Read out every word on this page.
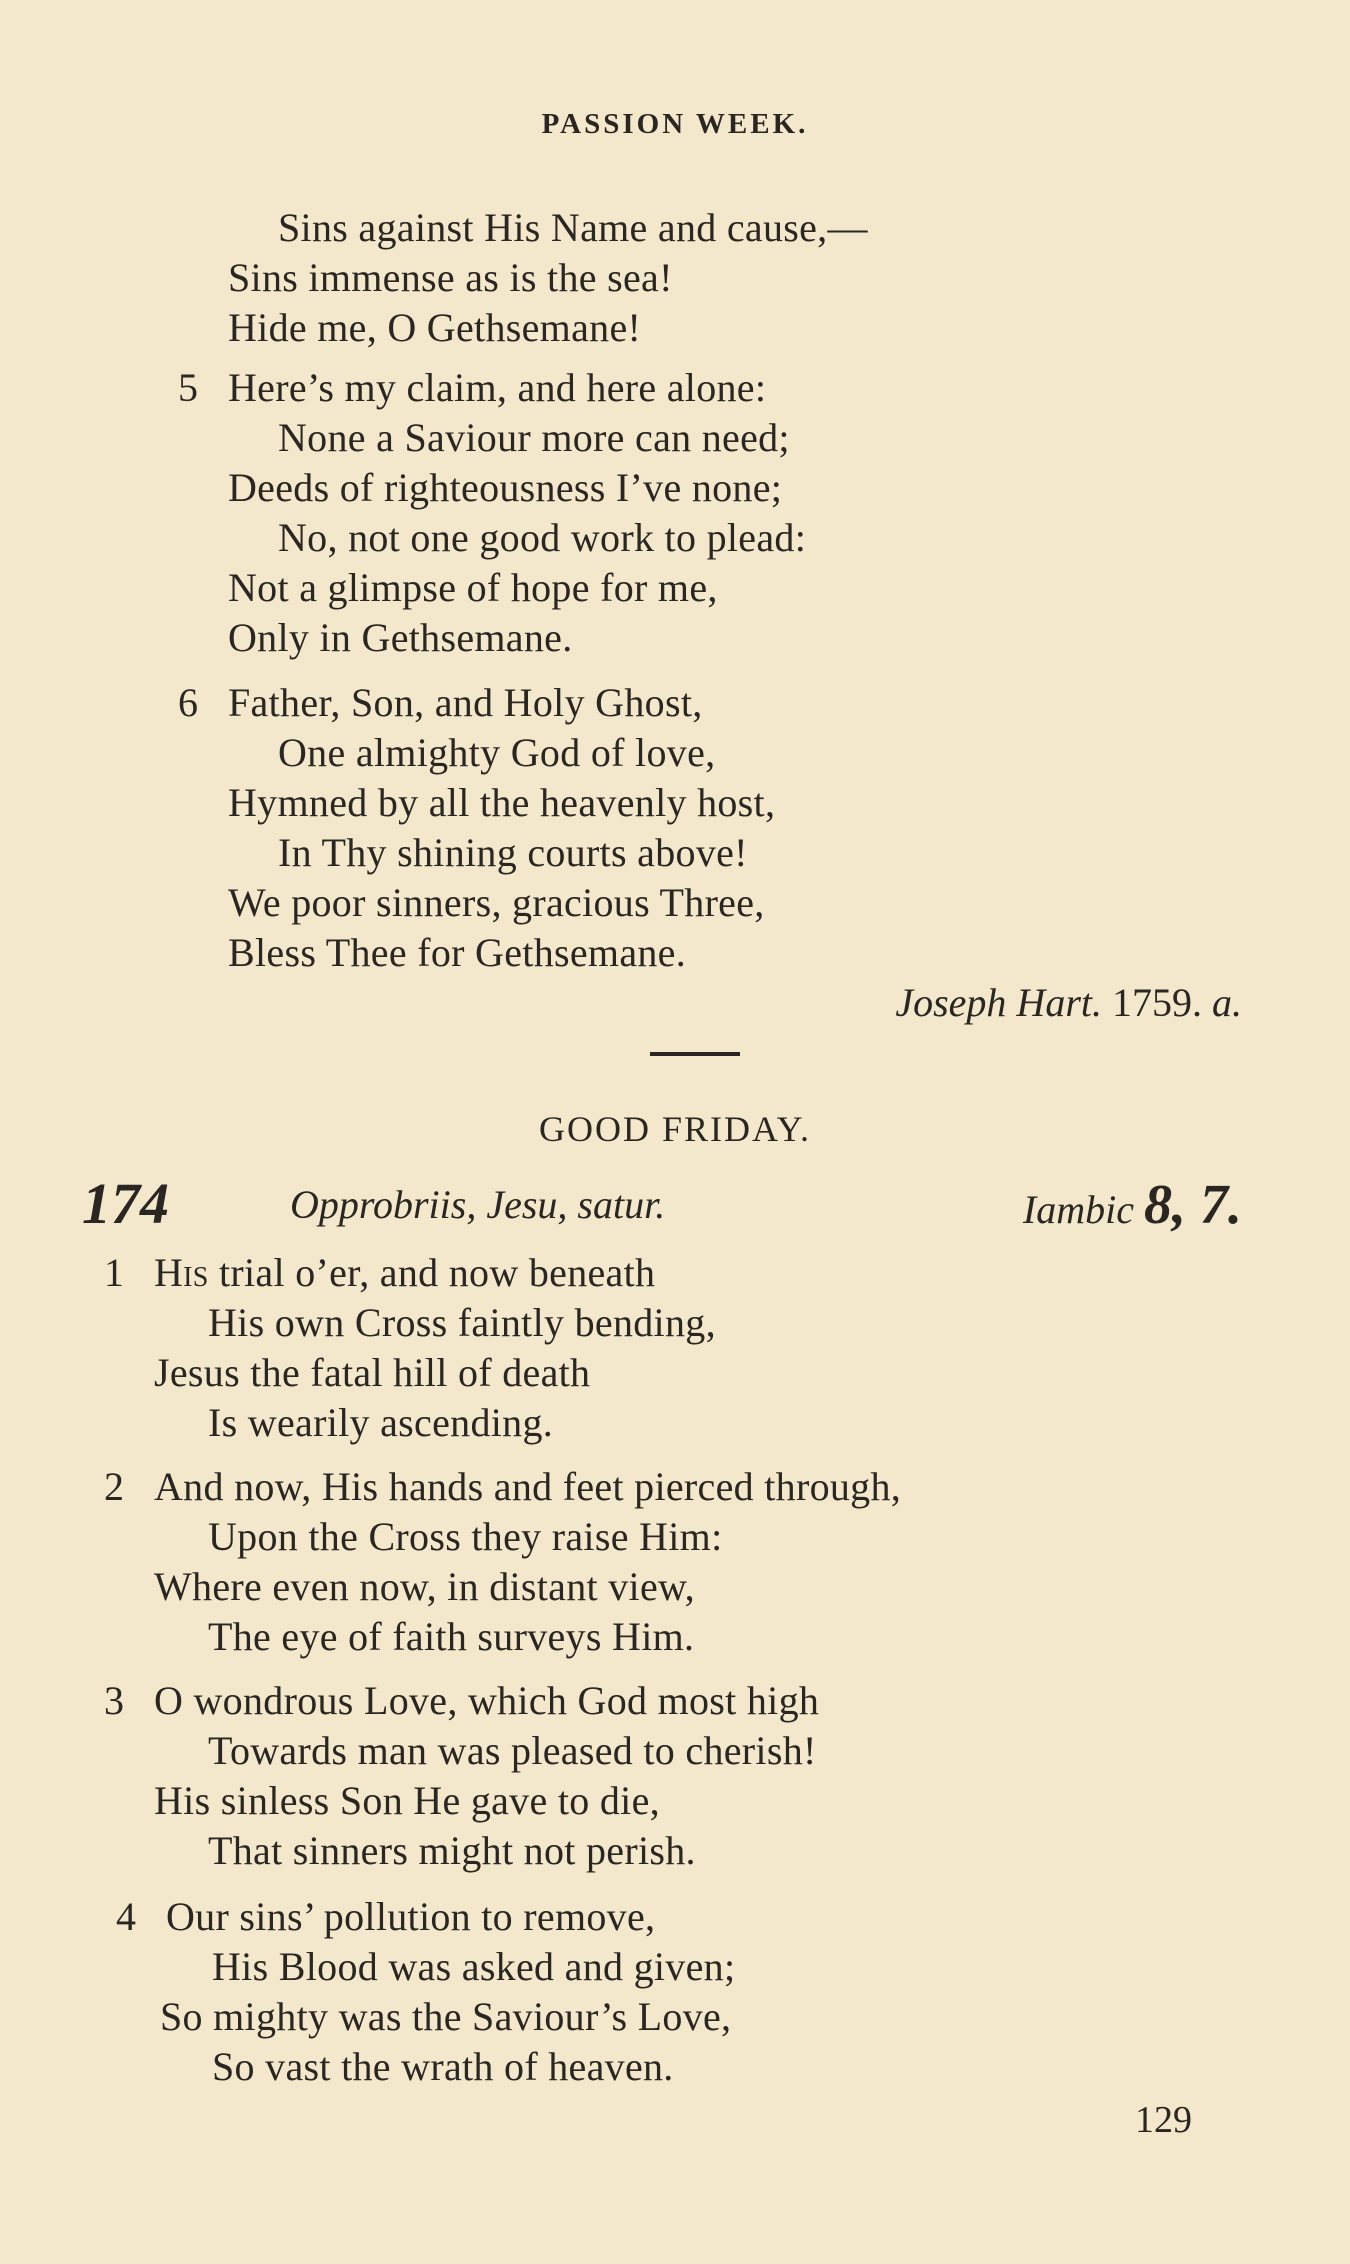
PASSION WEEK.
Sins against His Name and cause,—
Sins immense as is the sea!
Hide me, O Gethsemane!
5 Here’s my claim, and here alone:
None a Saviour more can need;
Deeds of righteousness I’ve none;
No, not one good work to plead:
Not a glimpse of hope for me,
Only in Gethsemane.
6 Father, Son, and Holy Ghost,
One almighty God of love,
Hymned by all the heavenly host,
In Thy shining courts above!
We poor sinners, gracious Three,
Bless Thee for Gethsemane.
Joseph Hart. 1759. a.
GOOD FRIDAY.
174	Opprobriis, Jesu, satur.	Iambic 8, 7.
1 His trial o’er, and now beneath
His own Cross faintly bending,
Jesus the fatal hill of death
Is wearily ascending.
2 And now, His hands and feet pierced through,
Upon the Cross they raise Him:
Where even now, in distant view,
The eye of faith surveys Him.
3 O wondrous Love, which God most high
Towards man was pleased to cherish!
His sinless Son He gave to die,
That sinners might not perish.
4 Our sins’ pollution to remove,
His Blood was asked and given;
So mighty was the Saviour’s Love,
So vast the wrath of heaven.
129
